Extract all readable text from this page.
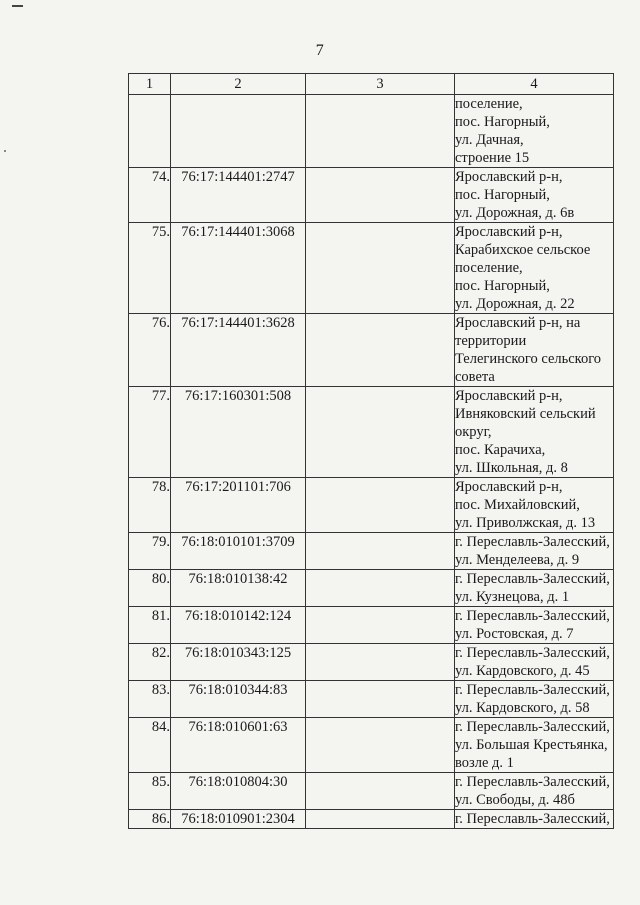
7
1	2	3	4

			поселение,
пос. Нагорный,
ул. Дачная,
строение 15

74.	76:17:144401:2747		Ярославский р-н,
пос. Нагорный,
ул. Дорожная, д. 6в

75.	76:17:144401:3068		Ярославский р-н,
Карабихское сельское
поселение,
пос. Нагорный,
ул. Дорожная, д. 22

76.	76:17:144401:3628		Ярославский р-н, на
территории
Телегинского сельского
совета

77.	76:17:160301:508		Ярославский р-н,
Ивняковский сельский
округ,
пос. Карачиха,
ул. Школьная, д. 8

78.	76:17:201101:706		Ярославский р-н,
пос. Михайловский,
ул. Приволжская, д. 13

79.	76:18:010101:3709		г. Переславль-Залесский,
ул. Менделеева, д. 9

80.	76:18:010138:42		г. Переславль-Залесский,
ул. Кузнецова, д. 1

81.	76:18:010142:124		г. Переславль-Залесский,
ул. Ростовская, д. 7

82.	76:18:010343:125		г. Переславль-Залесский,
ул. Кардовского, д. 45

83.	76:18:010344:83		г. Переславль-Залесский,
ул. Кардовского, д. 58

84.	76:18:010601:63		г. Переславль-Залесский,
ул. Большая Крестьянка,
возле д. 1

85.	76:18:010804:30		г. Переславль-Залесский,
ул. Свободы, д. 48б

86.	76:18:010901:2304		г. Переславль-Залесский,
